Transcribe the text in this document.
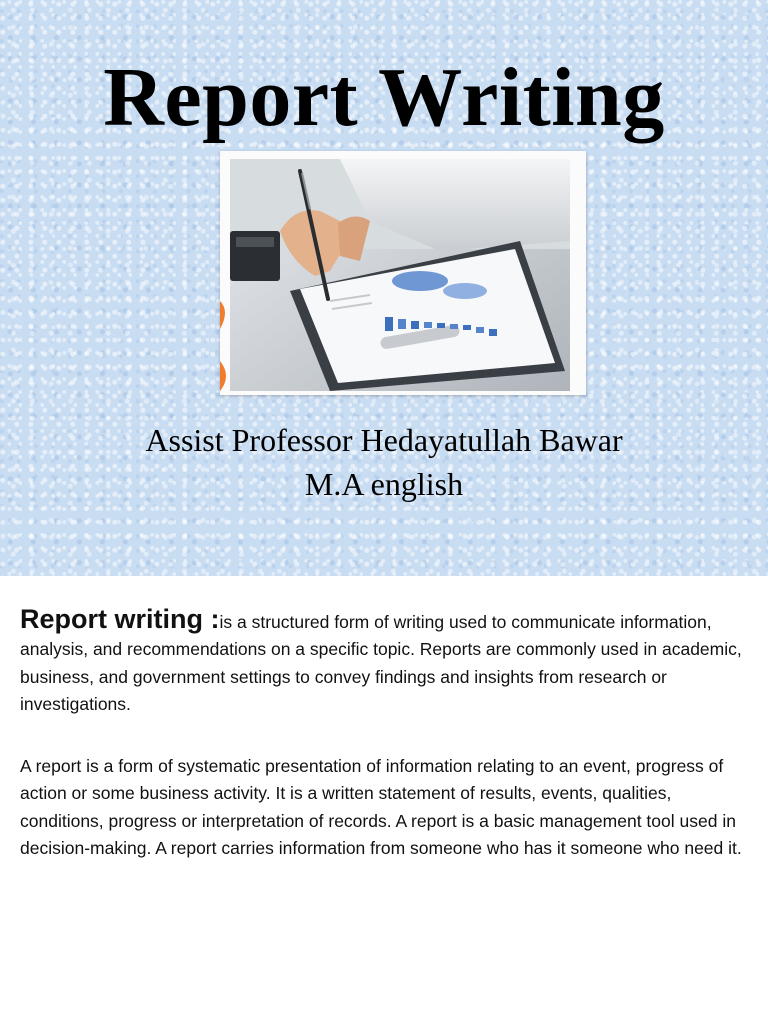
Report Writing

Assist Professor Hedayatullah Bawar

M.A english

Report writing :is a structured form of writing used to communicate information, analysis, and recommendations on a specific topic. Reports are commonly used in academic, business, and government settings to convey findings and insights from research or investigations.

A report is a form of systematic presentation of information relating to an event, progress of action or some business activity. It is a written statement of results, events, qualities, conditions, progress or interpretation of records. A report is a basic management tool used in decision-making. A report carries information from someone who has it someone who need it.
